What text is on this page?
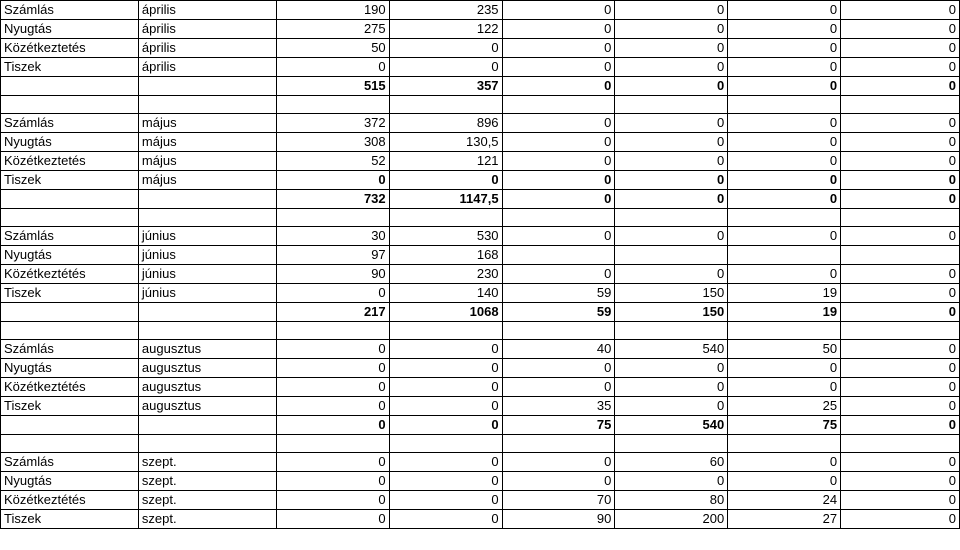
Számlás	április	190	235	0	0	0	0
Nyugtás	április	275	122	0	0	0	0
Közétkeztetés	április	50	0	0	0	0	0
Tiszek	április	0	0	0	0	0	0
		515	357	0	0	0	0

Számlás	május	372	896	0	0	0	0
Nyugtás	május	308	130,5	0	0	0	0
Közétkeztetés	május	52	121	0	0	0	0
Tiszek	május	0	0	0	0	0	0
		732	1147,5	0	0	0	0

Számlás	június	30	530	0	0	0	0
Nyugtás	június	97	168				
Közétkeztétés	június	90	230	0	0	0	0
Tiszek	június	0	140	59	150	19	0
		217	1068	59	150	19	0

Számlás	augusztus	0	0	40	540	50	0
Nyugtás	augusztus	0	0	0	0	0	0
Közétkeztétés	augusztus	0	0	0	0	0	0
Tiszek	augusztus	0	0	35	0	25	0
		0	0	75	540	75	0

Számlás	szept.	0	0	0	60	0	0
Nyugtás	szept.	0	0	0	0	0	0
Közétkeztétés	szept.	0	0	70	80	24	0
Tiszek	szept.	0	0	90	200	27	0
